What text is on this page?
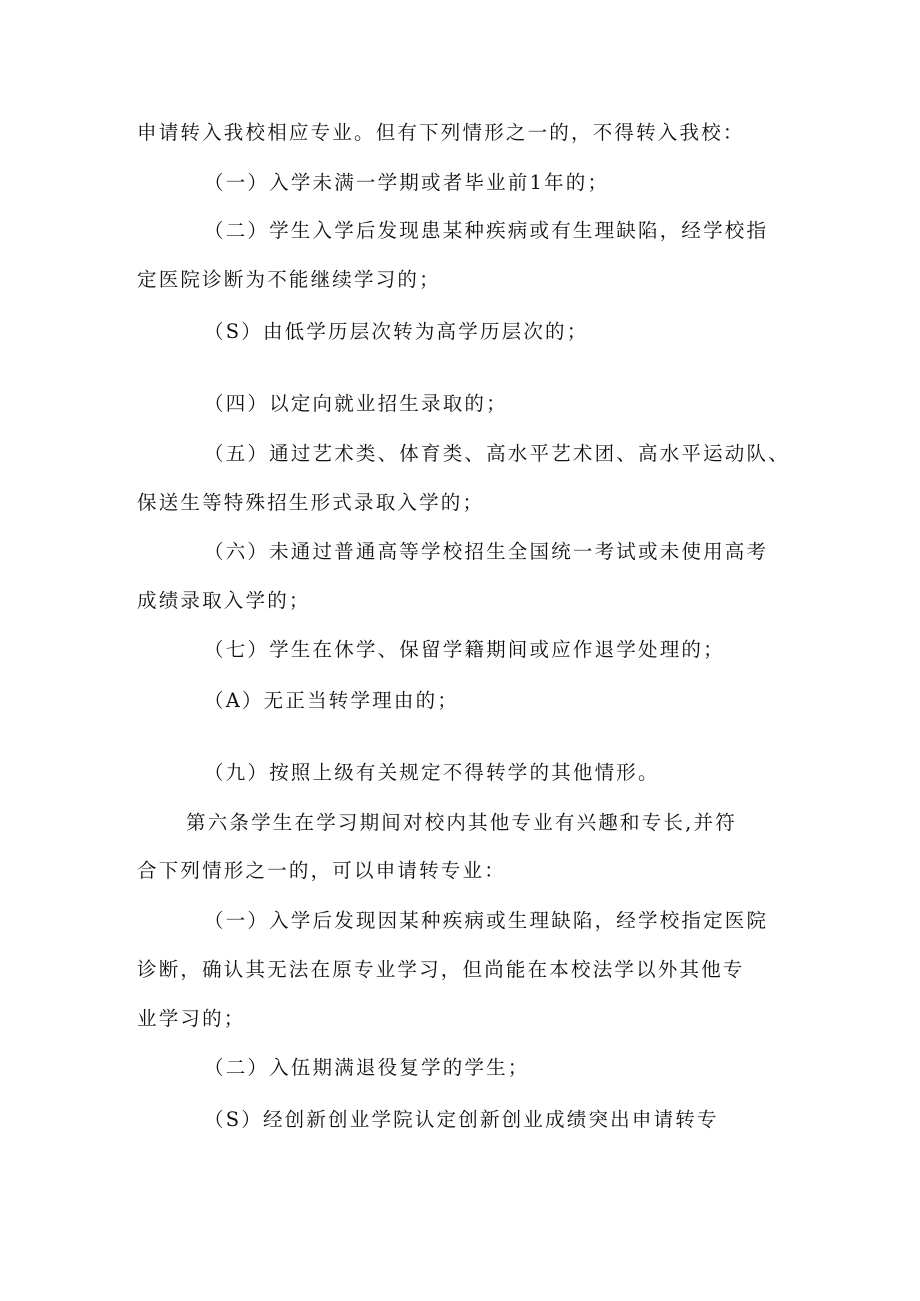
申请转入我校相应专业。但有下列情形之一的，不得转入我校：
（一）入学未满一学期或者毕业前1年的；
（二）学生入学后发现患某种疾病或有生理缺陷，经学校指
定医院诊断为不能继续学习的；
（S）由低学历层次转为高学历层次的；
（四）以定向就业招生录取的；
（五）通过艺术类、体育类、高水平艺术团、高水平运动队、
保送生等特殊招生形式录取入学的；
（六）未通过普通高等学校招生全国统一考试或未使用高考
成绩录取入学的；
（七）学生在休学、保留学籍期间或应作退学处理的；
（A）无正当转学理由的；
（九）按照上级有关规定不得转学的其他情形。
第六条学生在学习期间对校内其他专业有兴趣和专长,并符
合下列情形之一的，可以申请转专业：
（一）入学后发现因某种疾病或生理缺陷，经学校指定医院
诊断，确认其无法在原专业学习，但尚能在本校法学以外其他专
业学习的；
（二）入伍期满退役复学的学生；
（S）经创新创业学院认定创新创业成绩突出申请转专
